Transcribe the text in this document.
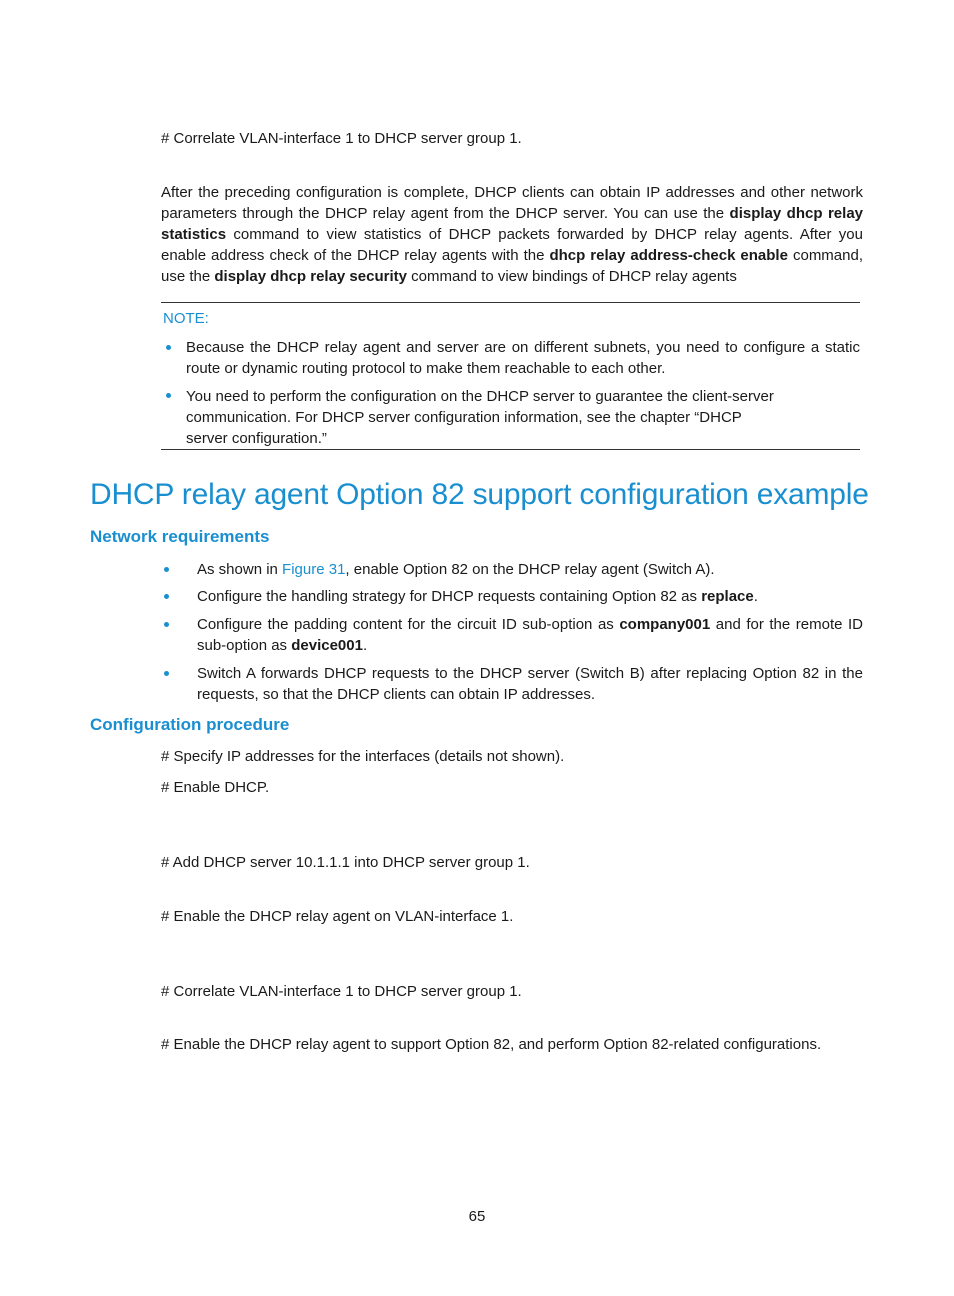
# Correlate VLAN-interface 1 to DHCP server group 1.
After the preceding configuration is complete, DHCP clients can obtain IP addresses and other network parameters through the DHCP relay agent from the DHCP server. You can use the display dhcp relay statistics command to view statistics of DHCP packets forwarded by DHCP relay agents. After you enable address check of the DHCP relay agents with the dhcp relay address-check enable command, use the display dhcp relay security command to view bindings of DHCP relay agents
NOTE:
Because the DHCP relay agent and server are on different subnets, you need to configure a static route or dynamic routing protocol to make them reachable to each other.
You need to perform the configuration on the DHCP server to guarantee the client-server communication. For DHCP server configuration information, see the chapter “DHCP server configuration.”
DHCP relay agent Option 82 support configuration example
Network requirements
As shown in Figure 31, enable Option 82 on the DHCP relay agent (Switch A).
Configure the handling strategy for DHCP requests containing Option 82 as replace.
Configure the padding content for the circuit ID sub-option as company001 and for the remote ID sub-option as device001.
Switch A forwards DHCP requests to the DHCP server (Switch B) after replacing Option 82 in the requests, so that the DHCP clients can obtain IP addresses.
Configuration procedure
# Specify IP addresses for the interfaces (details not shown).
# Enable DHCP.
# Add DHCP server 10.1.1.1 into DHCP server group 1.
# Enable the DHCP relay agent on VLAN-interface 1.
# Correlate VLAN-interface 1 to DHCP server group 1.
# Enable the DHCP relay agent to support Option 82, and perform Option 82-related configurations.
65
